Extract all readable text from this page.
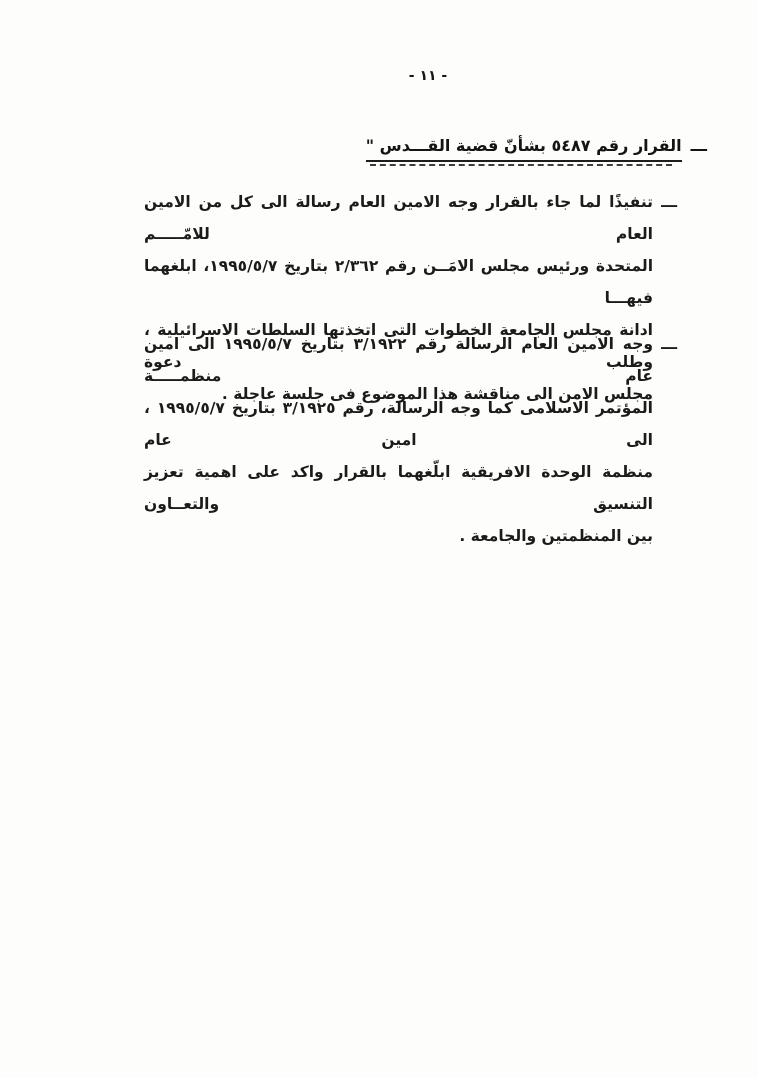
- ١١ -
ـــالقرار رقم ٥٤٨٧ بشأنّ قضية القـــدس "
ـــ
تنفيذًا لما جاء بالقرار وجه الامين العام رسالة الى كل من الامين العام للامّـــــم
المتحدة ورئيس مجلس الامَــن رقم ٢/٣٦٢ بتاريخ ١٩٩٥/٥/٧، ابلغهما فيهـــا
ادانة مجلس الجامعة الخطوات التى اتخذتها السلطات الاسرائيلية ، وطلب دعوة
مجلس الامن الى مناقشة هذا الموضوع فى جلسة عاجلة .
ـــ
وجه الامين العام الرسالة رقم ٣/١٩٢٢ بتاريخ ١٩٩٥/٥/٧ الى امين عام منظمـــــة
المؤتمر الاسلامى كما وجه الرسالة، رقم ٣/١٩٢٥ بتاريخ ١٩٩٥/٥/٧ ، الى امين عام
منظمة الوحدة الافريقية ابلّغهما بالقرار واكد على اهمية تعزيز التنسيق والتعــاون
بين المنظمتين والجامعة .
